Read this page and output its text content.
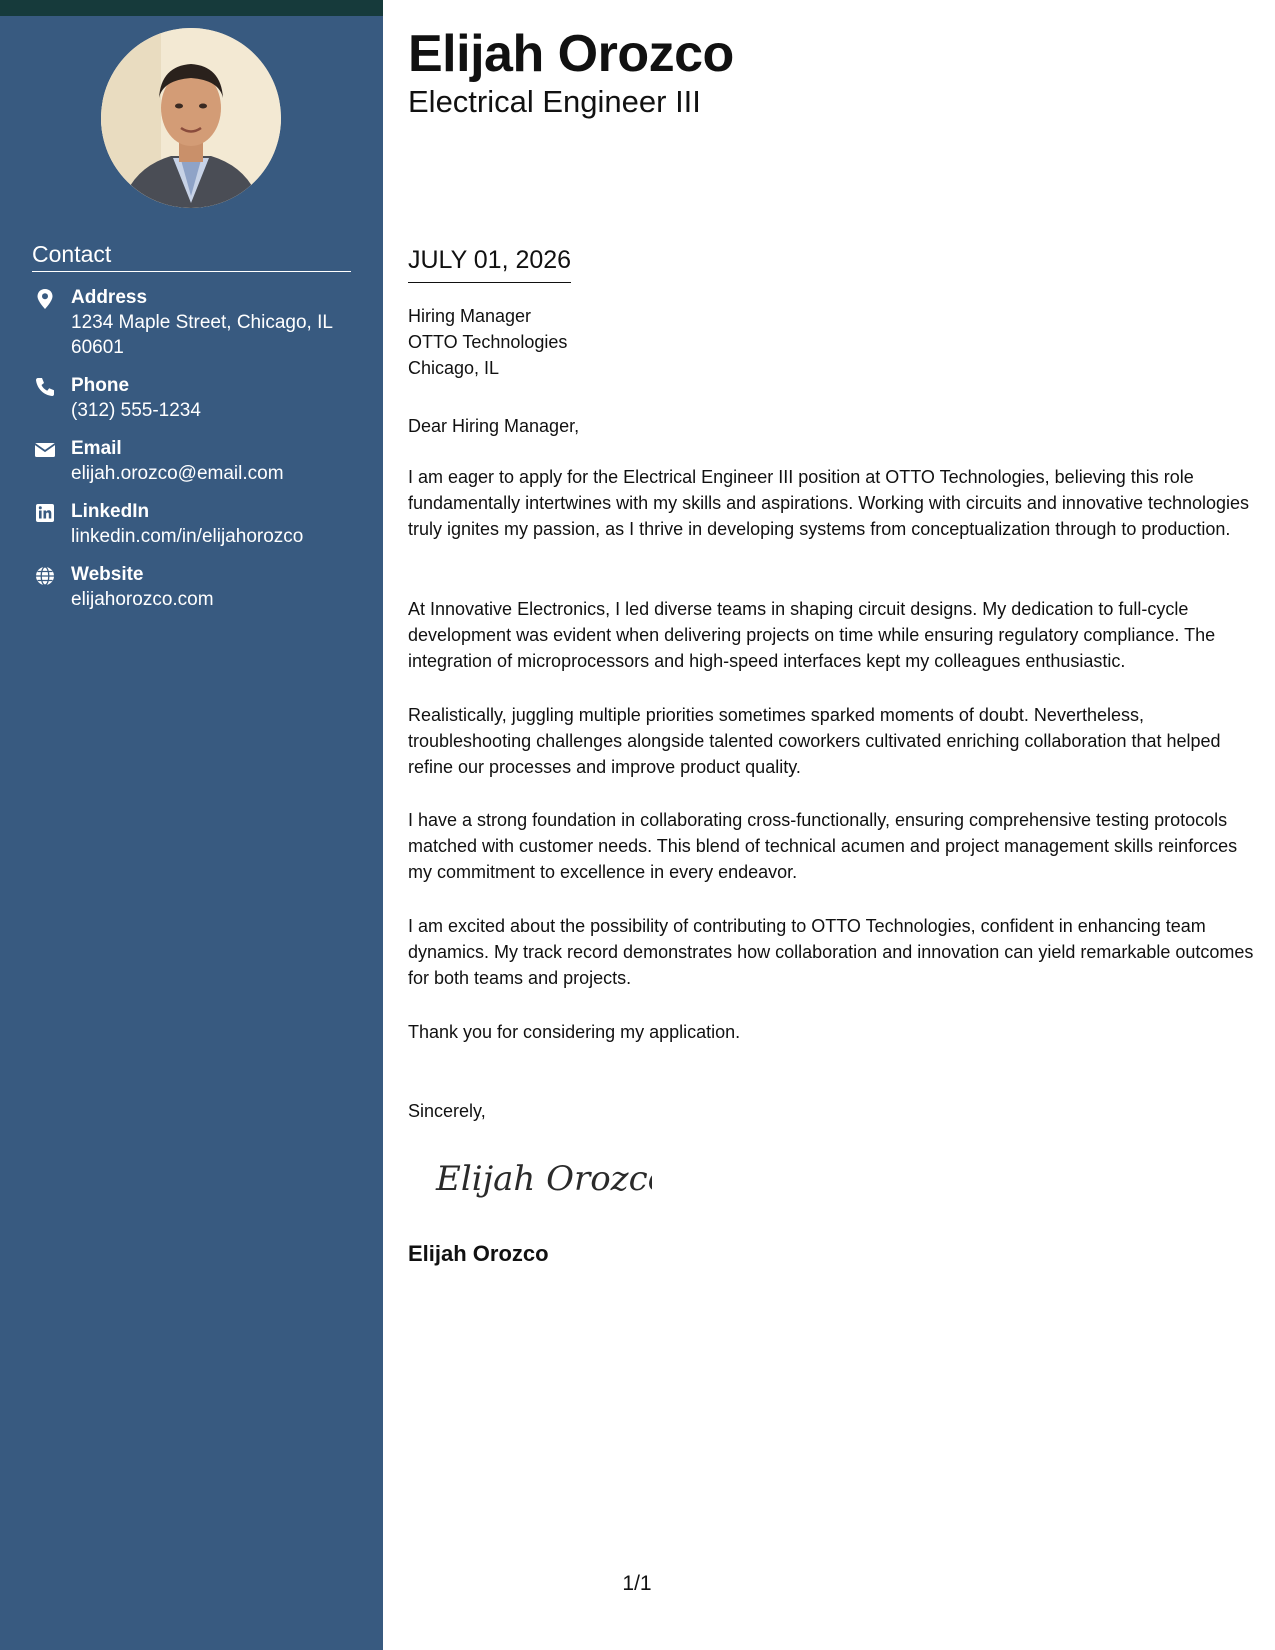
Contact
Address
1234 Maple Street, Chicago, IL 60601
Phone
(312) 555-1234
Email
elijah.orozco@email.com
LinkedIn
linkedin.com/in/elijahorozco
Website
elijahorozco.com
Elijah Orozco
Electrical Engineer III
JULY 01, 2026
Hiring Manager
OTTO Technologies
Chicago, IL

Dear Hiring Manager,

I am eager to apply for the Electrical Engineer III position at OTTO Technologies, believing this role fundamentally intertwines with my skills and aspirations. Working with circuits and innovative technologies truly ignites my passion, as I thrive in developing systems from conceptualization through to production.

At Innovative Electronics, I led diverse teams in shaping circuit designs. My dedication to full-cycle development was evident when delivering projects on time while ensuring regulatory compliance. The integration of microprocessors and high-speed interfaces kept my colleagues enthusiastic.

Realistically, juggling multiple priorities sometimes sparked moments of doubt. Nevertheless, troubleshooting challenges alongside talented coworkers cultivated enriching collaboration that helped refine our processes and improve product quality.

I have a strong foundation in collaborating cross-functionally, ensuring comprehensive testing protocols matched with customer needs. This blend of technical acumen and project management skills reinforces my commitment to excellence in every endeavor.

I am excited about the possibility of contributing to OTTO Technologies, confident in enhancing team dynamics. My track record demonstrates how collaboration and innovation can yield remarkable outcomes for both teams and projects.

Thank you for considering my application.

Sincerely,
Elijah Orozco
Elijah Orozco
1/1
